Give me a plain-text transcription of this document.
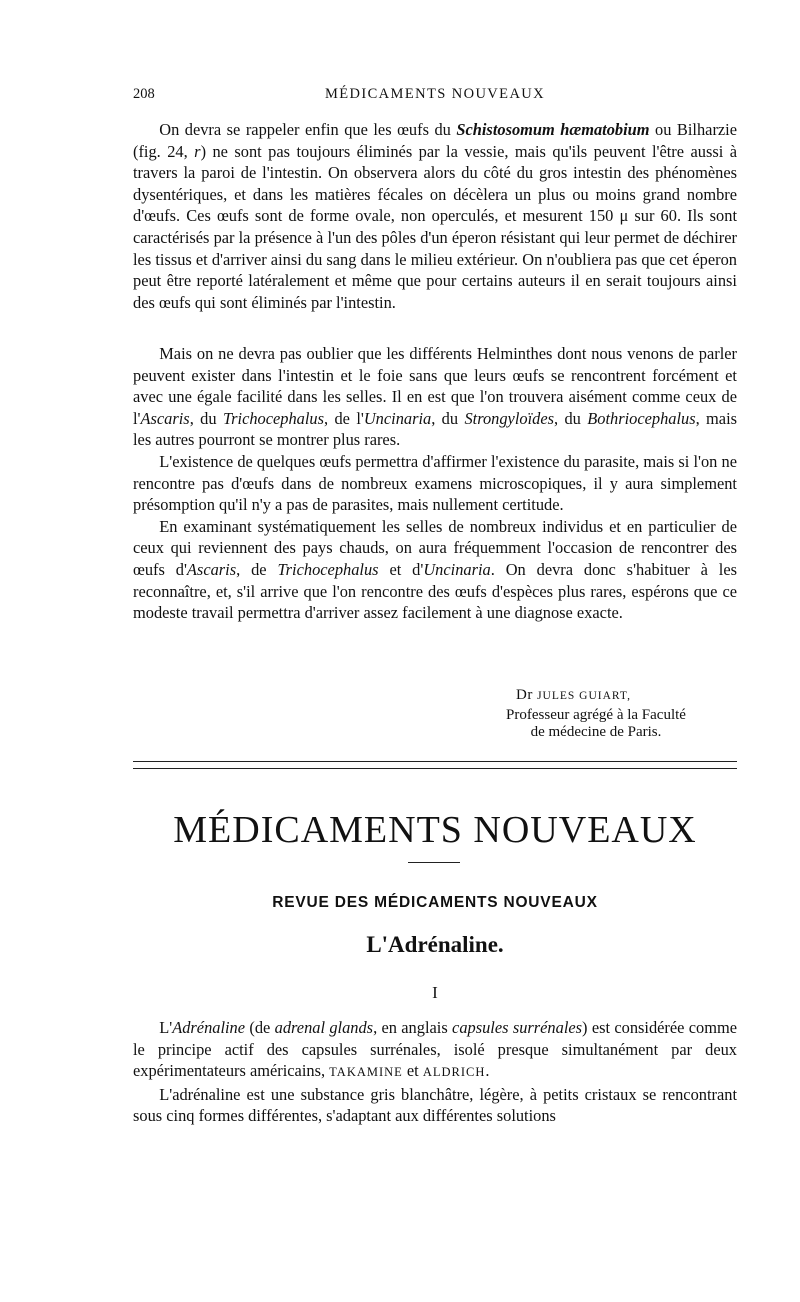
208	MÉDICAMENTS NOUVEAUX

On devra se rappeler enfin que les œufs du Schistosomum hæmatobium ou Bilharzie (fig. 24, r) ne sont pas toujours éliminés par la vessie, mais qu'ils peuvent l'être aussi à travers la paroi de l'intestin. On observera alors du côté du gros intestin des phénomènes dysentériques, et dans les matières fécales on décèlera un plus ou moins grand nombre d'œufs. Ces œufs sont de forme ovale, non operculés, et mesurent 150 μ sur 60. Ils sont caractérisés par la présence à l'un des pôles d'un éperon résistant qui leur permet de déchirer les tissus et d'arriver ainsi du sang dans le milieu extérieur. On n'oubliera pas que cet éperon peut être reporté latéralement et même que pour certains auteurs il en serait toujours ainsi des œufs qui sont éliminés par l'intestin.

Mais on ne devra pas oublier que les différents Helminthes dont nous venons de parler peuvent exister dans l'intestin et le foie sans que leurs œufs se rencontrent forcément et avec une égale facilité dans les selles. Il en est que l'on trouvera aisément comme ceux de l'Ascaris, du Trichocephalus, de l'Uncinaria, du Strongyloïdes, du Bothriocephalus, mais les autres pourront se montrer plus rares.

L'existence de quelques œufs permettra d'affirmer l'existence du parasite, mais si l'on ne rencontre pas d'œufs dans de nombreux examens microscopiques, il y aura simplement présomption qu'il n'y a pas de parasites, mais nullement certitude.

En examinant systématiquement les selles de nombreux individus et en particulier de ceux qui reviennent des pays chauds, on aura fréquemment l'occasion de rencontrer des œufs d'Ascaris, de Trichocephalus et d'Uncinaria. On devra donc s'habituer à les reconnaître, et, s'il arrive que l'on rencontre des œufs d'espèces plus rares, espérons que ce modeste travail permettra d'arriver assez facilement à une diagnose exacte.

Dr JULES GUIART,
Professeur agrégé à la Faculté
de médecine de Paris.
MÉDICAMENTS NOUVEAUX
REVUE DES MÉDICAMENTS NOUVEAUX
L'Adrénaline.
I

L'Adrénaline (de adrenal glands, en anglais capsules surrénales) est considérée comme le principe actif des capsules surrénales, isolé presque simultanément par deux expérimentateurs américains, TAKAMINE et ALDRICH.

L'adrénaline est une substance gris blanchâtre, légère, à petits cristaux se rencontrant sous cinq formes différentes, s'adaptant aux différentes solutions
